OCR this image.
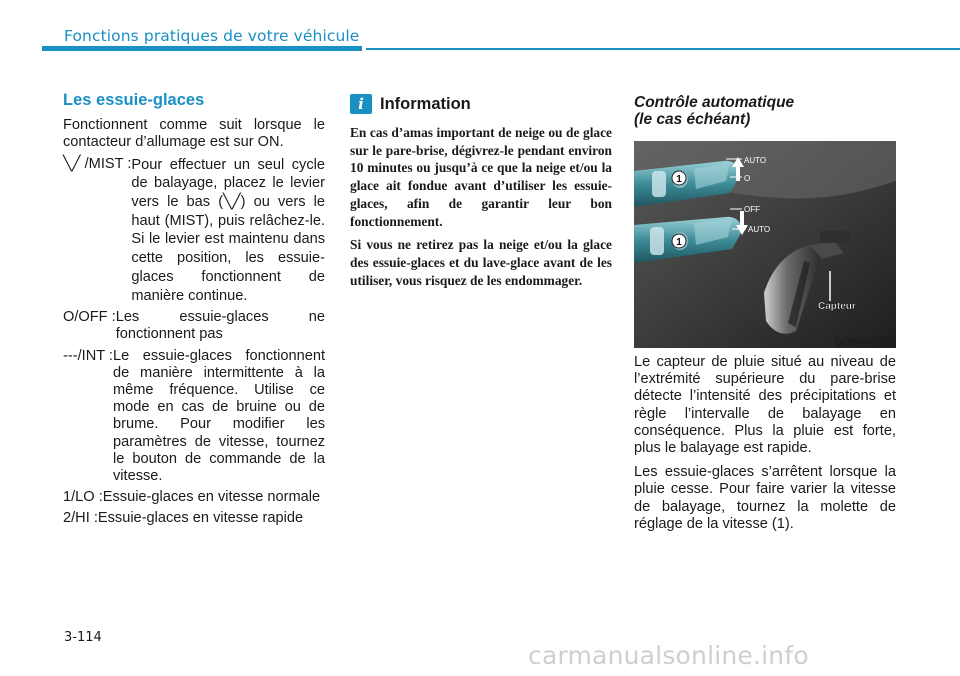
Fonctions pratiques de votre véhicule
Les essuie-glaces

Fonctionnent comme suit lorsque le contacteur d’allumage est sur ON.

╲╱ /MIST : Pour effectuer un seul cycle de balayage, placez le levier vers le bas (╲╱) ou vers le haut (MIST), puis relâchez-le. Si le levier est maintenu dans cette position, les essuie-glaces fonctionnent de manière continue.
O/OFF : Les essuie-glaces ne fonctionnent pas
---/INT : Le essuie-glaces fonctionnent de manière intermittente à la même fréquence. Utilise ce mode en cas de bruine ou de brume. Pour modifier les paramètres de vitesse, tournez le bouton de commande de la vitesse.
1/LO : Essuie-glaces en vitesse normale
2/HI : Essuie-glaces en vitesse rapide
i Information

En cas d’amas important de neige ou de glace sur le pare-brise, dégivrez-le pendant environ 10 minutes ou jusqu’à ce que la neige et/ou la glace ait fondue avant d’utiliser les essuie-glaces, afin de garantir leur bon fonctionnement.

Si vous ne retirez pas la neige et/ou la glace des essuie-glaces et du lave-glace avant de les utiliser, vous risquez de les endommager.

Contrôle automatique

(le cas échéant)

1
1
AUTO
O
OFF
AUTO
Capteur
OOS047322L

Le capteur de pluie situé au niveau de l’extrémité supérieure du pare-brise détecte l’intensité des précipitations et règle l’intervalle de balayage en conséquence. Plus la pluie est forte, plus le balayage est rapide.

Les essuie-glaces s’arrêtent lorsque la pluie cesse. Pour faire varier la vitesse de balayage, tournez la molette de réglage de la vitesse (1).

3-114
carmanualsonline.info
